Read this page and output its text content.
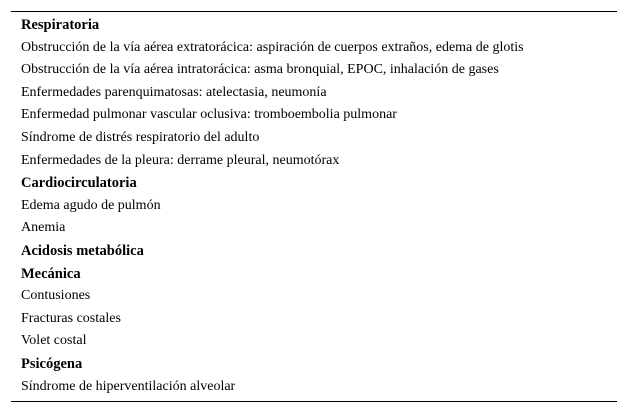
Respiratoria
Obstrucción de la vía aérea extratorácica: aspiración de cuerpos extraños, edema de glotis
Obstrucción de la vía aérea intratorácica: asma bronquial, EPOC, inhalación de gases
Enfermedades parenquimatosas: atelectasia, neumonía
Enfermedad pulmonar vascular oclusiva: tromboembolia pulmonar
Síndrome de distrés respiratorio del adulto
Enfermedades de la pleura: derrame pleural, neumotórax
Cardiocirculatoria
Edema agudo de pulmón
Anemia
Acidosis metabólica
Mecánica
Contusiones
Fracturas costales
Volet costal
Psicógena
Síndrome de hiperventilación alveolar
